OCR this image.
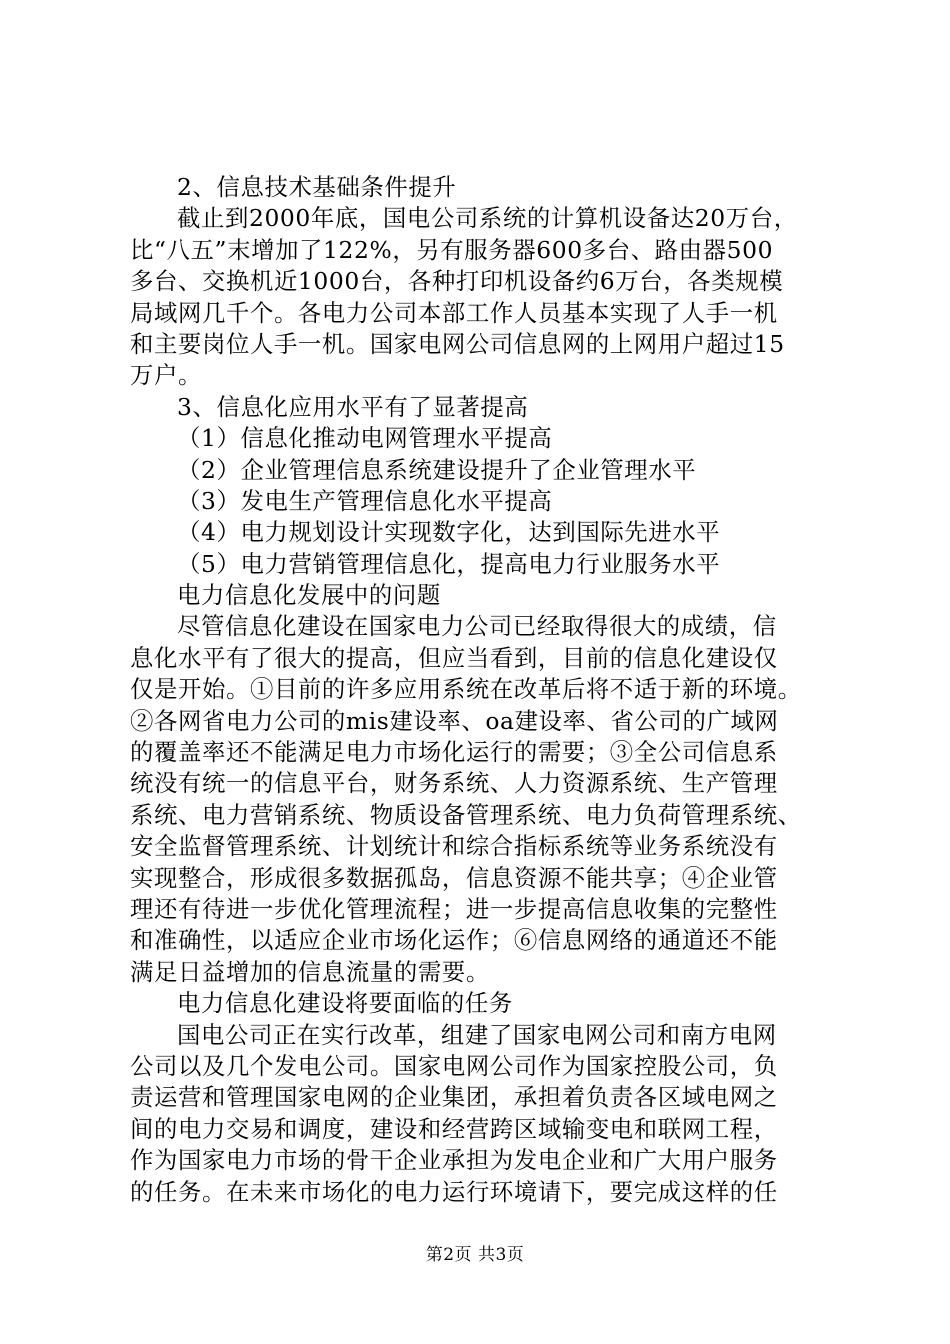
2、信息技术基础条件提升
截止到2000年底，国电公司系统的计算机设备达20万台，
比“八五”末增加了122%，另有服务器600多台、路由器500
多台、交换机近1000台，各种打印机设备约6万台，各类规模
局域网几千个。各电力公司本部工作人员基本实现了人手一机
和主要岗位人手一机。国家电网公司信息网的上网用户超过15
万户。
3、信息化应用水平有了显著提高
（1）信息化推动电网管理水平提高
（2）企业管理信息系统建设提升了企业管理水平
（3）发电生产管理信息化水平提高
（4）电力规划设计实现数字化，达到国际先进水平
（5）电力营销管理信息化，提高电力行业服务水平
电力信息化发展中的问题
尽管信息化建设在国家电力公司已经取得很大的成绩，信
息化水平有了很大的提高，但应当看到，目前的信息化建设仅
仅是开始。①目前的许多应用系统在改革后将不适于新的环境。
②各网省电力公司的mis建设率、oa建设率、省公司的广域网
的覆盖率还不能满足电力市场化运行的需要；③全公司信息系
统没有统一的信息平台，财务系统、人力资源系统、生产管理
系统、电力营销系统、物质设备管理系统、电力负荷管理系统、
安全监督管理系统、计划统计和综合指标系统等业务系统没有
实现整合，形成很多数据孤岛，信息资源不能共享；④企业管
理还有待进一步优化管理流程；进一步提高信息收集的完整性
和准确性，以适应企业市场化运作；⑥信息网络的通道还不能
满足日益增加的信息流量的需要。
电力信息化建设将要面临的任务
国电公司正在实行改革，组建了国家电网公司和南方电网
公司以及几个发电公司。国家电网公司作为国家控股公司，负
责运营和管理国家电网的企业集团，承担着负责各区域电网之
间的电力交易和调度，建设和经营跨区域输变电和联网工程，
作为国家电力市场的骨干企业承担为发电企业和广大用户服务
的任务。在未来市场化的电力运行环境请下，要完成这样的任
第2页 共3页
